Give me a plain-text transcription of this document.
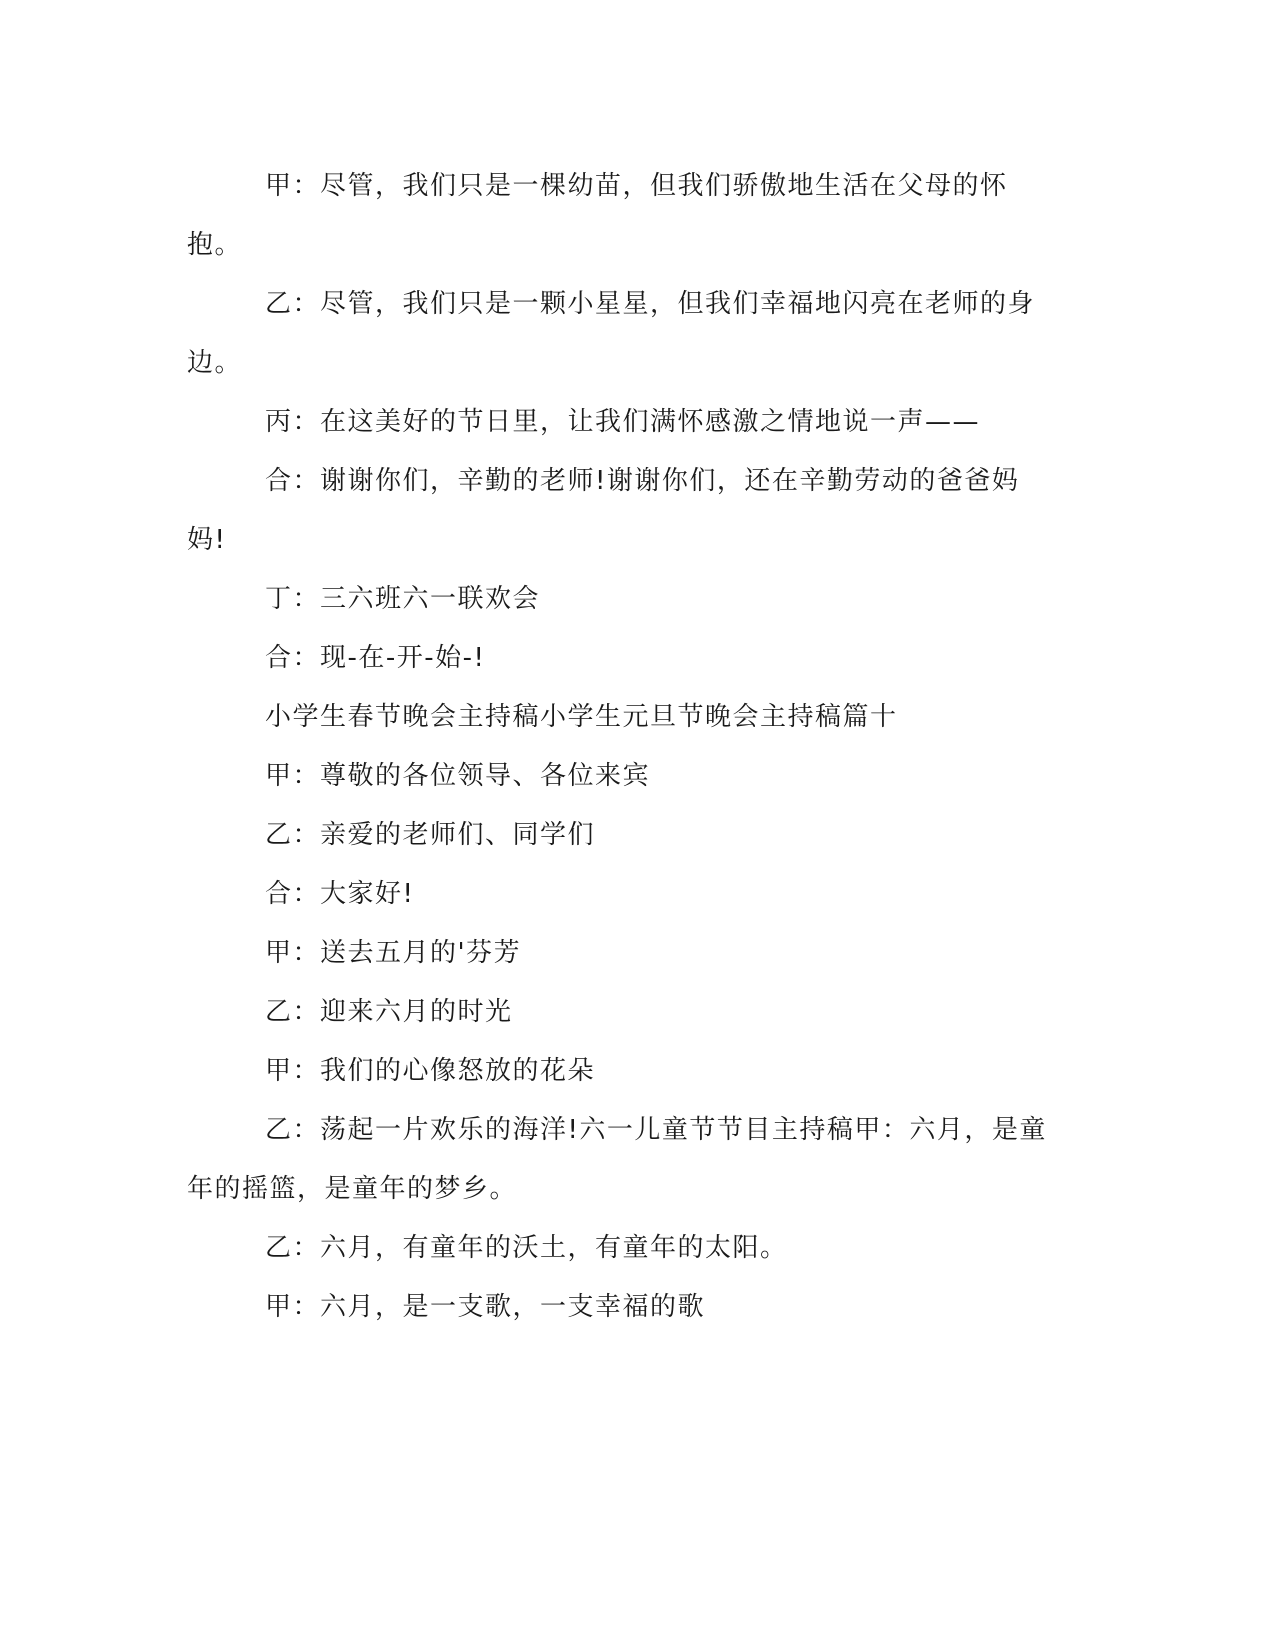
甲：尽管，我们只是一棵幼苗，但我们骄傲地生活在父母的怀抱。

乙：尽管，我们只是一颗小星星，但我们幸福地闪亮在老师的身边。

丙：在这美好的节日里，让我们满怀感激之情地说一声——

合：谢谢你们，辛勤的老师!谢谢你们，还在辛勤劳动的爸爸妈妈!

丁：三六班六一联欢会

合：现-在-开-始-!

小学生春节晚会主持稿小学生元旦节晚会主持稿篇十

甲：尊敬的各位领导、各位来宾

乙：亲爱的老师们、同学们

合：大家好!

甲：送去五月的'芬芳

乙：迎来六月的时光

甲：我们的心像怒放的花朵

乙：荡起一片欢乐的海洋!六一儿童节节目主持稿甲：六月，是童年的摇篮，是童年的梦乡。

乙：六月，有童年的沃土，有童年的太阳。

甲：六月，是一支歌，一支幸福的歌
